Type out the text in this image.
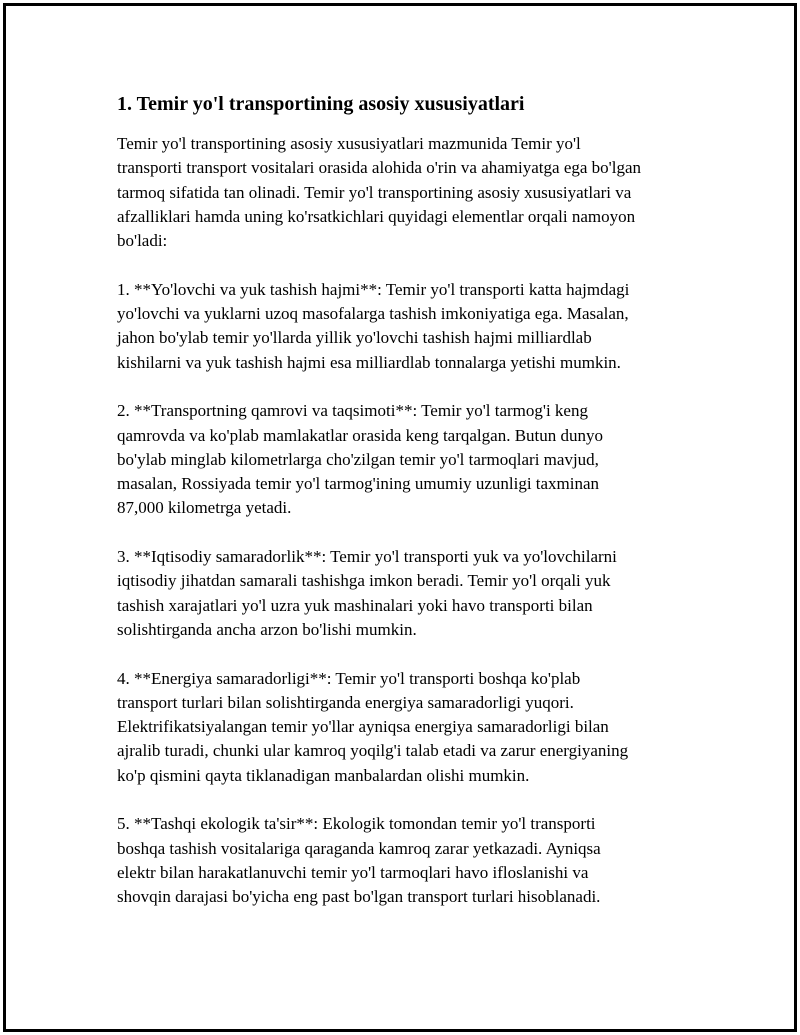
1. Temir yo'l transportining asosiy xususiyatlari

Temir yo'l transportining asosiy xususiyatlari mazmunida Temir yo'l
transporti transport vositalari orasida alohida o'rin va ahamiyatga ega bo'lgan
tarmoq sifatida tan olinadi. Temir yo'l transportining asosiy xususiyatlari va
afzalliklari hamda uning ko'rsatkichlari quyidagi elementlar orqali namoyon
bo'ladi:

1. **Yo'lovchi va yuk tashish hajmi**: Temir yo'l transporti katta hajmdagi
yo'lovchi va yuklarni uzoq masofalarga tashish imkoniyatiga ega. Masalan,
jahon bo'ylab temir yo'llarda yillik yo'lovchi tashish hajmi milliardlab
kishilarni va yuk tashish hajmi esa milliardlab tonnalarga yetishi mumkin.

2. **Transportning qamrovi va taqsimoti**: Temir yo'l tarmog'i keng
qamrovda va ko'plab mamlakatlar orasida keng tarqalgan. Butun dunyo
bo'ylab minglab kilometrlarga cho'zilgan temir yo'l tarmoqlari mavjud,
masalan, Rossiyada temir yo'l tarmog'ining umumiy uzunligi taxminan
87,000 kilometrga yetadi.

3. **Iqtisodiy samaradorlik**: Temir yo'l transporti yuk va yo'lovchilarni
iqtisodiy jihatdan samarali tashishga imkon beradi. Temir yo'l orqali yuk
tashish xarajatlari yo'l uzra yuk mashinalari yoki havo transporti bilan
solishtirganda ancha arzon bo'lishi mumkin.

4. **Energiya samaradorligi**: Temir yo'l transporti boshqa ko'plab
transport turlari bilan solishtirganda energiya samaradorligi yuqori.
Elektrifikatsiyalangan temir yo'llar ayniqsa energiya samaradorligi bilan
ajralib turadi, chunki ular kamroq yoqilg'i talab etadi va zarur energiyaning
ko'p qismini qayta tiklanadigan manbalardan olishi mumkin.

5. **Tashqi ekologik ta'sir**: Ekologik tomondan temir yo'l transporti
boshqa tashish vositalariga qaraganda kamroq zarar yetkazadi. Ayniqsa
elektr bilan harakatlanuvchi temir yo'l tarmoqlari havo ifloslanishi va
shovqin darajasi bo'yicha eng past bo'lgan transport turlari hisoblanadi.
